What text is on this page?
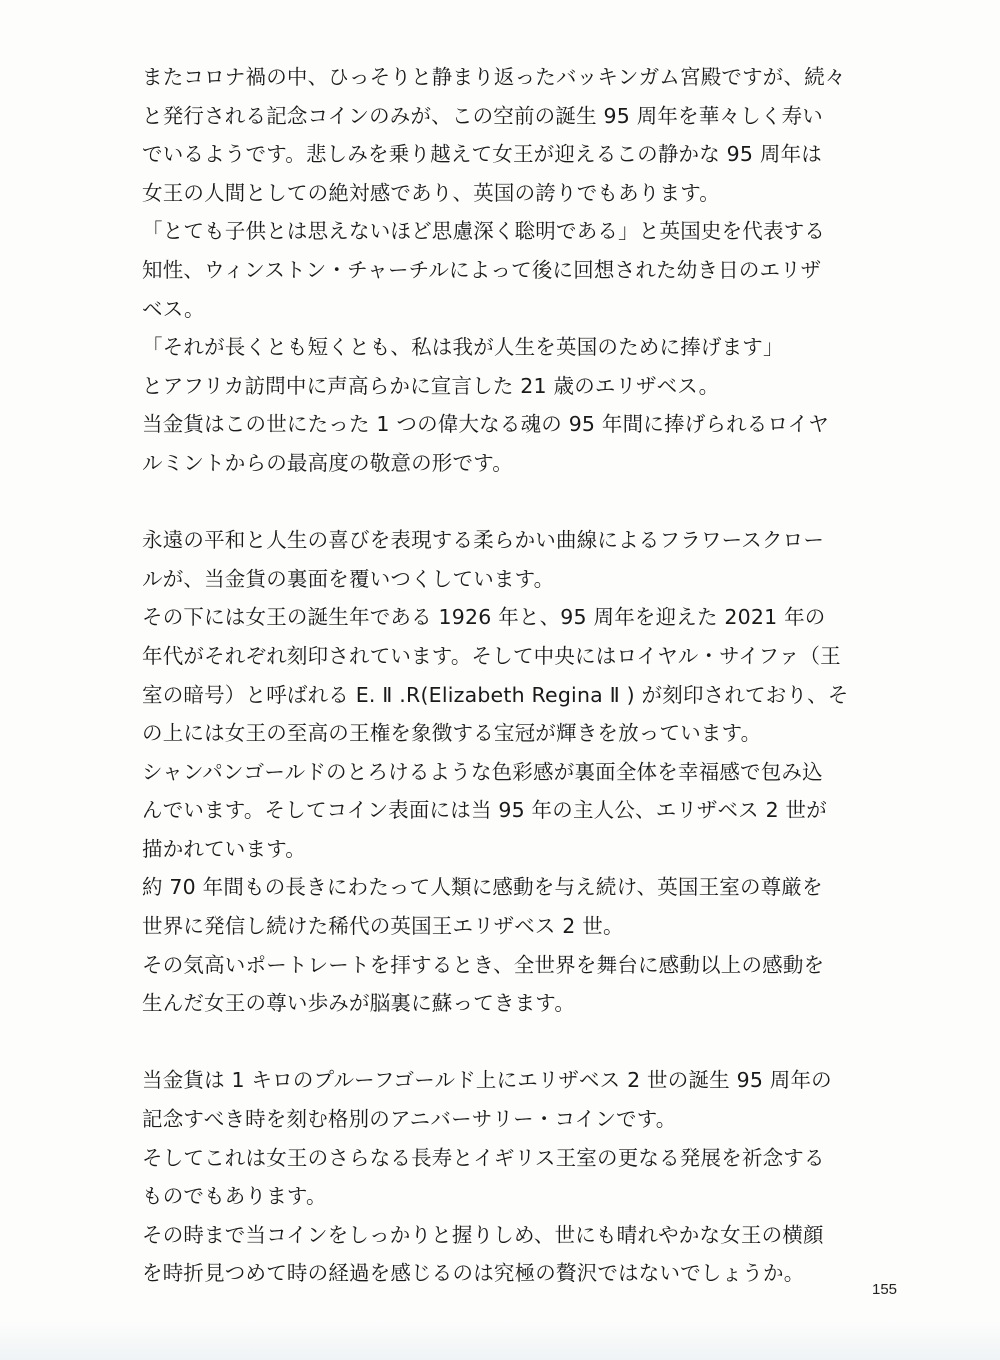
またコロナ禍の中、ひっそりと静まり返ったバッキンガム宮殿ですが、続々
と発行される記念コインのみが、この空前の誕生 95 周年を華々しく寿い
でいるようです。悲しみを乗り越えて女王が迎えるこの静かな 95 周年は
女王の人間としての絶対感であり、英国の誇りでもあります。
「とても子供とは思えないほど思慮深く聡明である」と英国史を代表する
知性、ウィンストン・チャーチルによって後に回想された幼き日のエリザ
ベス。
「それが長くとも短くとも、私は我が人生を英国のために捧げます」
とアフリカ訪問中に声高らかに宣言した 21 歳のエリザベス。
当金貨はこの世にたった 1 つの偉大なる魂の 95 年間に捧げられるロイヤ
ルミントからの最高度の敬意の形です。
永遠の平和と人生の喜びを表現する柔らかい曲線によるフラワースクロー
ルが、当金貨の裏面を覆いつくしています。
その下には女王の誕生年である 1926 年と、95 周年を迎えた 2021 年の
年代がそれぞれ刻印されています。そして中央にはロイヤル・サイファ（王
室の暗号）と呼ばれる E. Ⅱ .R(Elizabeth Regina Ⅱ ) が刻印されており、そ
の上には女王の至高の王権を象徴する宝冠が輝きを放っています。
シャンパンゴールドのとろけるような色彩感が裏面全体を幸福感で包み込
んでいます。そしてコイン表面には当 95 年の主人公、エリザベス 2 世が
描かれています。
約 70 年間もの長きにわたって人類に感動を与え続け、英国王室の尊厳を
世界に発信し続けた稀代の英国王エリザベス 2 世。
その気高いポートレートを拝するとき、全世界を舞台に感動以上の感動を
生んだ女王の尊い歩みが脳裏に蘇ってきます。
当金貨は 1 キロのプルーフゴールド上にエリザベス 2 世の誕生 95 周年の
記念すべき時を刻む格別のアニバーサリー・コインです。
そしてこれは女王のさらなる長寿とイギリス王室の更なる発展を祈念する
ものでもあります。
その時まで当コインをしっかりと握りしめ、世にも晴れやかな女王の横顔
を時折見つめて時の経過を感じるのは究極の贅沢ではないでしょうか。
155
